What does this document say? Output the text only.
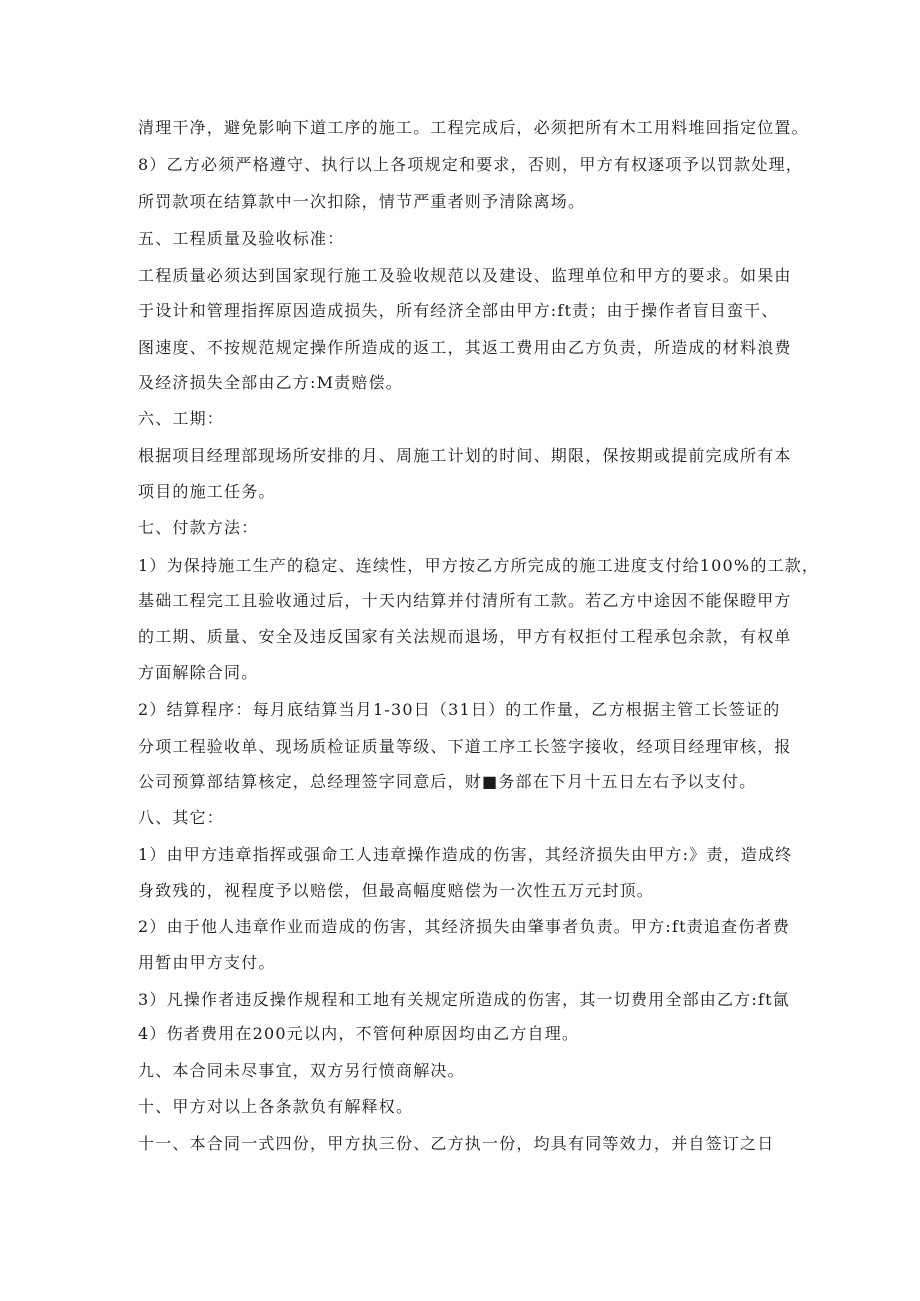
清理干净，避免影响下道工序的施工。工程完成后，必须把所有木工用料堆回指定位置。
8）乙方必须严格遵守、执行以上各项规定和要求，否则，甲方有权逐项予以罚款处理，
所罚款项在结算款中一次扣除，情节严重者则予清除离场。
五、工程质量及验收标准：
工程质量必须达到国家现行施工及验收规范以及建设、监理单位和甲方的要求。如果由
于设计和管理指挥原因造成损失，所有经济全部由甲方:ft责；由于操作者盲目蛮干、
图速度、不按规范规定操作所造成的返工，其返工费用由乙方负责，所造成的材料浪费
及经济损失全部由乙方:M责赔偿。
六、工期：
根据项目经理部现场所安排的月、周施工计划的时间、期限，保按期或提前完成所有本
项目的施工任务。
七、付款方法：
1）为保持施工生产的稳定、连续性，甲方按乙方所完成的施工进度支付给100%的工款，
基础工程完工且验收通过后，十天内结算并付清所有工款。若乙方中途因不能保瞪甲方
的工期、质量、安全及违反国家有关法规而退场，甲方有权拒付工程承包余款，有权单
方面解除合同。
2）结算程序：每月底结算当月1-30日（31日）的工作量，乙方根据主管工长签证的
分项工程验收单、现场质检证质量等级、下道工序工长签字接收，经项目经理审核，报
公司预算部结算核定，总经理签字同意后，财■务部在下月十五日左右予以支付。
八、其它：
1）由甲方违章指挥或强命工人违章操作造成的伤害，其经济损失由甲方:》责，造成终
身致残的，视程度予以赔偿，但最高幅度赔偿为一次性五万元封顶。
2）由于他人违章作业而造成的伤害，其经济损失由肇事者负责。甲方:ft责追查伤者费
用暂由甲方支付。
3）凡操作者违反操作规程和工地有关规定所造成的伤害，其一切费用全部由乙方:ft氤
4）伤者费用在200元以内，不管何种原因均由乙方自理。
九、本合同未尽事宜，双方另行愤商解决。
十、甲方对以上各条款负有解释权。
十一、本合同一式四份，甲方执三份、乙方执一份，均具有同等效力，并自签订之日
